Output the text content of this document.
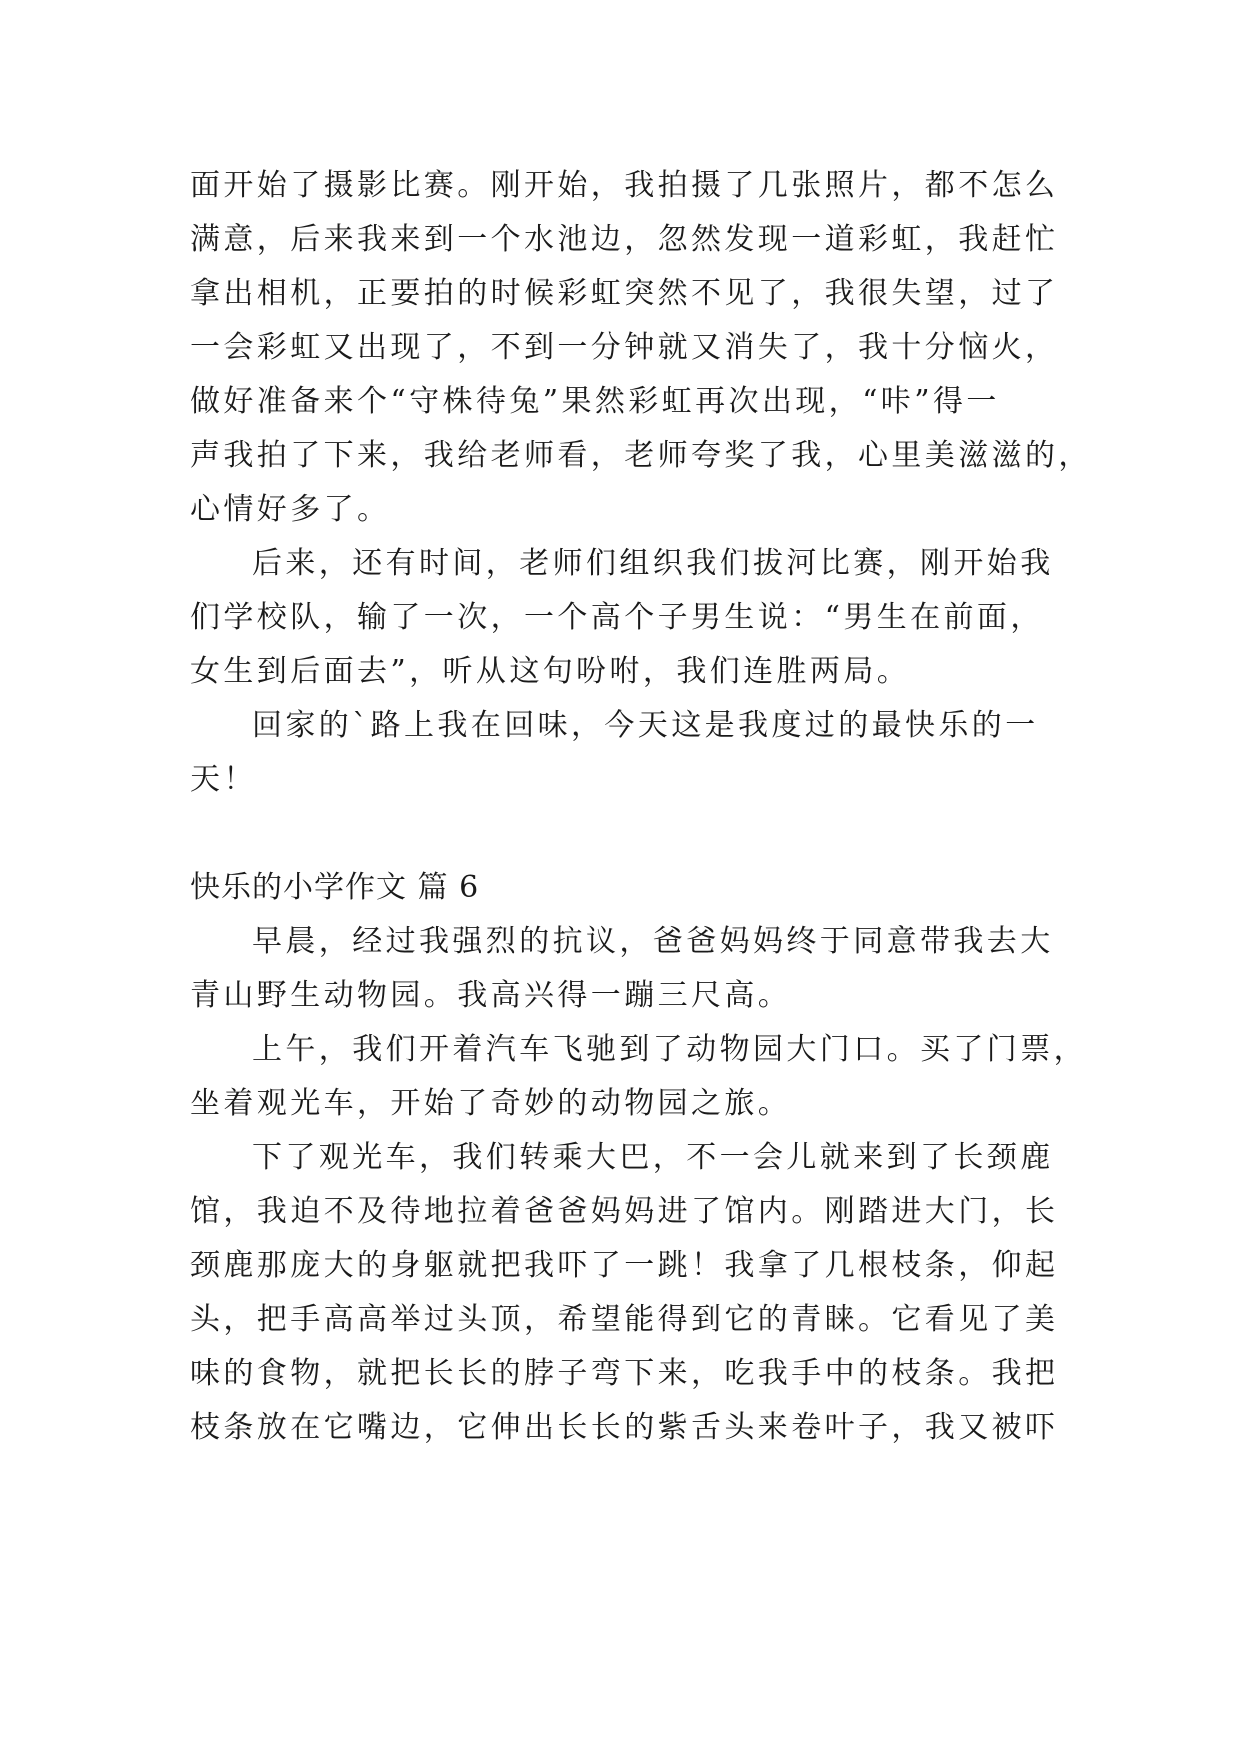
面开始了摄影比赛。刚开始，我拍摄了几张照片，都不怎么
满意，后来我来到一个水池边，忽然发现一道彩虹，我赶忙
拿出相机，正要拍的时候彩虹突然不见了，我很失望，过了
一会彩虹又出现了，不到一分钟就又消失了，我十分恼火，
做好准备来个“守株待兔”果然彩虹再次出现，“咔”得一
声我拍了下来，我给老师看，老师夸奖了我，心里美滋滋的，
心情好多了。
后来，还有时间，老师们组织我们拔河比赛，刚开始我
们学校队，输了一次，一个高个子男生说：“男生在前面，
女生到后面去”，听从这句吩咐，我们连胜两局。
回家的`路上我在回味，今天这是我度过的最快乐的一
天！
快乐的小学作文 篇 6
早晨，经过我强烈的抗议，爸爸妈妈终于同意带我去大
青山野生动物园。我高兴得一蹦三尺高。
上午，我们开着汽车飞驰到了动物园大门口。买了门票，
坐着观光车，开始了奇妙的动物园之旅。
下了观光车，我们转乘大巴，不一会儿就来到了长颈鹿
馆，我迫不及待地拉着爸爸妈妈进了馆内。刚踏进大门，长
颈鹿那庞大的身躯就把我吓了一跳！我拿了几根枝条，仰起
头，把手高高举过头顶，希望能得到它的青睐。它看见了美
味的食物，就把长长的脖子弯下来，吃我手中的枝条。我把
枝条放在它嘴边，它伸出长长的紫舌头来卷叶子，我又被吓
